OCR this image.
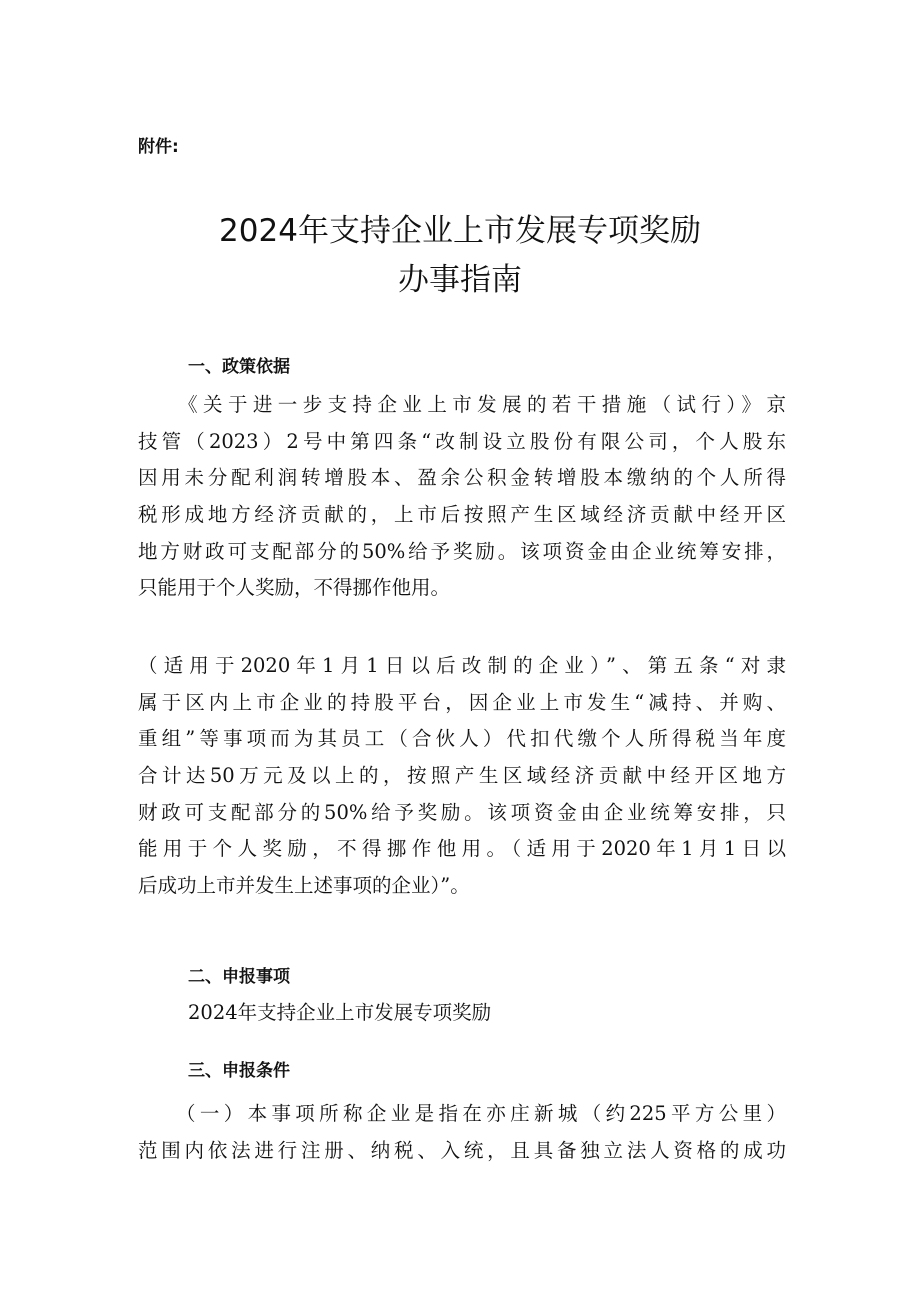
附件:
2024年支持企业上市发展专项奖励
办事指南
一、政策依据
　　《关于进一步支持企业上市发展的若干措施（试行）》京
技管（2023）2号中第四条“改制设立股份有限公司，个人股东
因用未分配利润转增股本、盈余公积金转增股本缴纳的个人所得
税形成地方经济贡献的，上市后按照产生区域经济贡献中经开区
地方财政可支配部分的50%给予奖励。该项资金由企业统筹安排，
只能用于个人奖励，不得挪作他用。
（适用于2020年1月1日以后改制的企业）”、第五条“对隶
属于区内上市企业的持股平台，因企业上市发生“减持、并购、
重组”等事项而为其员工（合伙人）代扣代缴个人所得税当年度
合计达50万元及以上的，按照产生区域经济贡献中经开区地方
财政可支配部分的50%给予奖励。该项资金由企业统筹安排，只
能用于个人奖励，不得挪作他用。（适用于2020年1月1日以
后成功上市并发生上述事项的企业）”。
二、申报事项
2024年支持企业上市发展专项奖励
三、申报条件
　　（一）本事项所称企业是指在亦庄新城（约225平方公里）
范围内依法进行注册、纳税、入统，且具备独立法人资格的成功
